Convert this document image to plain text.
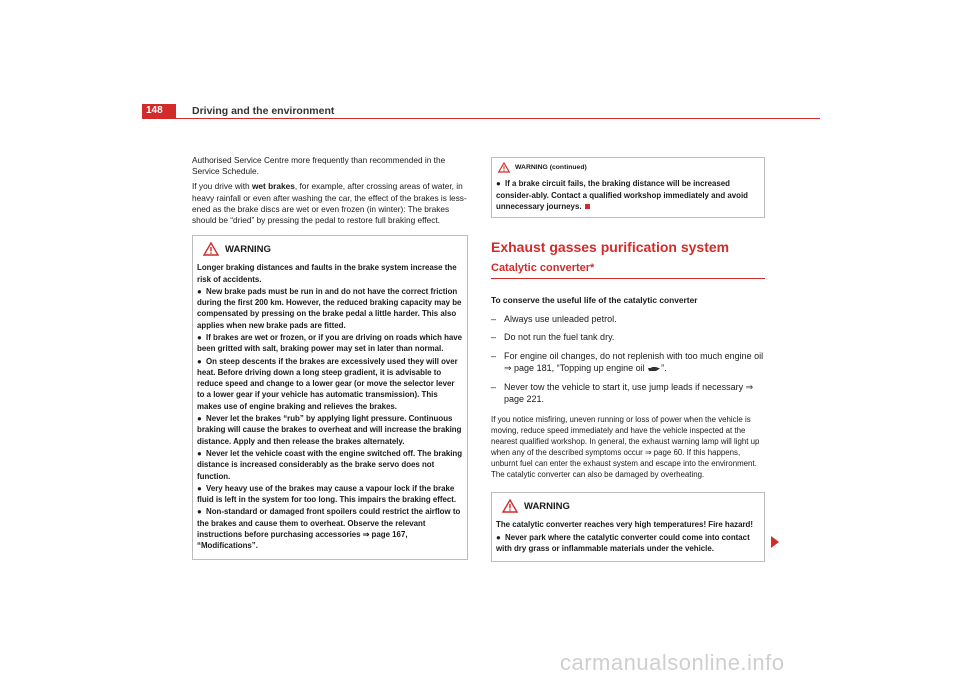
148	Driving and the environment

Authorised Service Centre more frequently than recommended in the Service Schedule.

If you drive with wet brakes, for example, after crossing areas of water, in heavy rainfall or even after washing the car, the effect of the brakes is less-ened as the brake discs are wet or even frozen (in winter): The brakes should be “dried” by pressing the pedal to restore full braking effect.

WARNING

Longer braking distances and faults in the brake system increase the risk of accidents.

● New brake pads must be run in and do not have the correct friction during the first 200 km. However, the reduced braking capacity may be compensated by pressing on the brake pedal a little harder. This also applies when new brake pads are fitted.

● If brakes are wet or frozen, or if you are driving on roads which have been gritted with salt, braking power may set in later than normal.

● On steep descents if the brakes are excessively used they will over heat. Before driving down a long steep gradient, it is advisable to reduce speed and change to a lower gear (or move the selector lever to a lower gear if your vehicle has automatic transmission). This makes use of engine braking and relieves the brakes.

● Never let the brakes “rub” by applying light pressure. Continuous braking will cause the brakes to overheat and will increase the braking distance. Apply and then release the brakes alternately.

● Never let the vehicle coast with the engine switched off. The braking distance is increased considerably as the brake servo does not function.

● Very heavy use of the brakes may cause a vapour lock if the brake fluid is left in the system for too long. This impairs the braking effect.

● Non-standard or damaged front spoilers could restrict the airflow to the brakes and cause them to overheat. Observe the relevant instructions before purchasing accessories ⇒ page 167, “Modifications”.

WARNING (continued)

● If a brake circuit fails, the braking distance will be increased consider-ably. Contact a qualified workshop immediately and avoid unnecessary journeys.

Exhaust gasses purification system
Catalytic converter*
To conserve the useful life of the catalytic converter
– Always use unleaded petrol.
– Do not run the fuel tank dry.
– For engine oil changes, do not replenish with too much engine oil ⇒ page 181, “Topping up engine oil ”.
– Never tow the vehicle to start it, use jump leads if necessary ⇒ page 221.

If you notice misfiring, uneven running or loss of power when the vehicle is moving, reduce speed immediately and have the vehicle inspected at the nearest qualified workshop. In general, the exhaust warning lamp will light up when any of the described symptoms occur ⇒ page 60. If this happens, unburnt fuel can enter the exhaust system and escape into the environment. The catalytic converter can also be damaged by overheating.

WARNING

The catalytic converter reaches very high temperatures! Fire hazard!

● Never park where the catalytic converter could come into contact with dry grass or inflammable materials under the vehicle.

carmanualsonline.info
